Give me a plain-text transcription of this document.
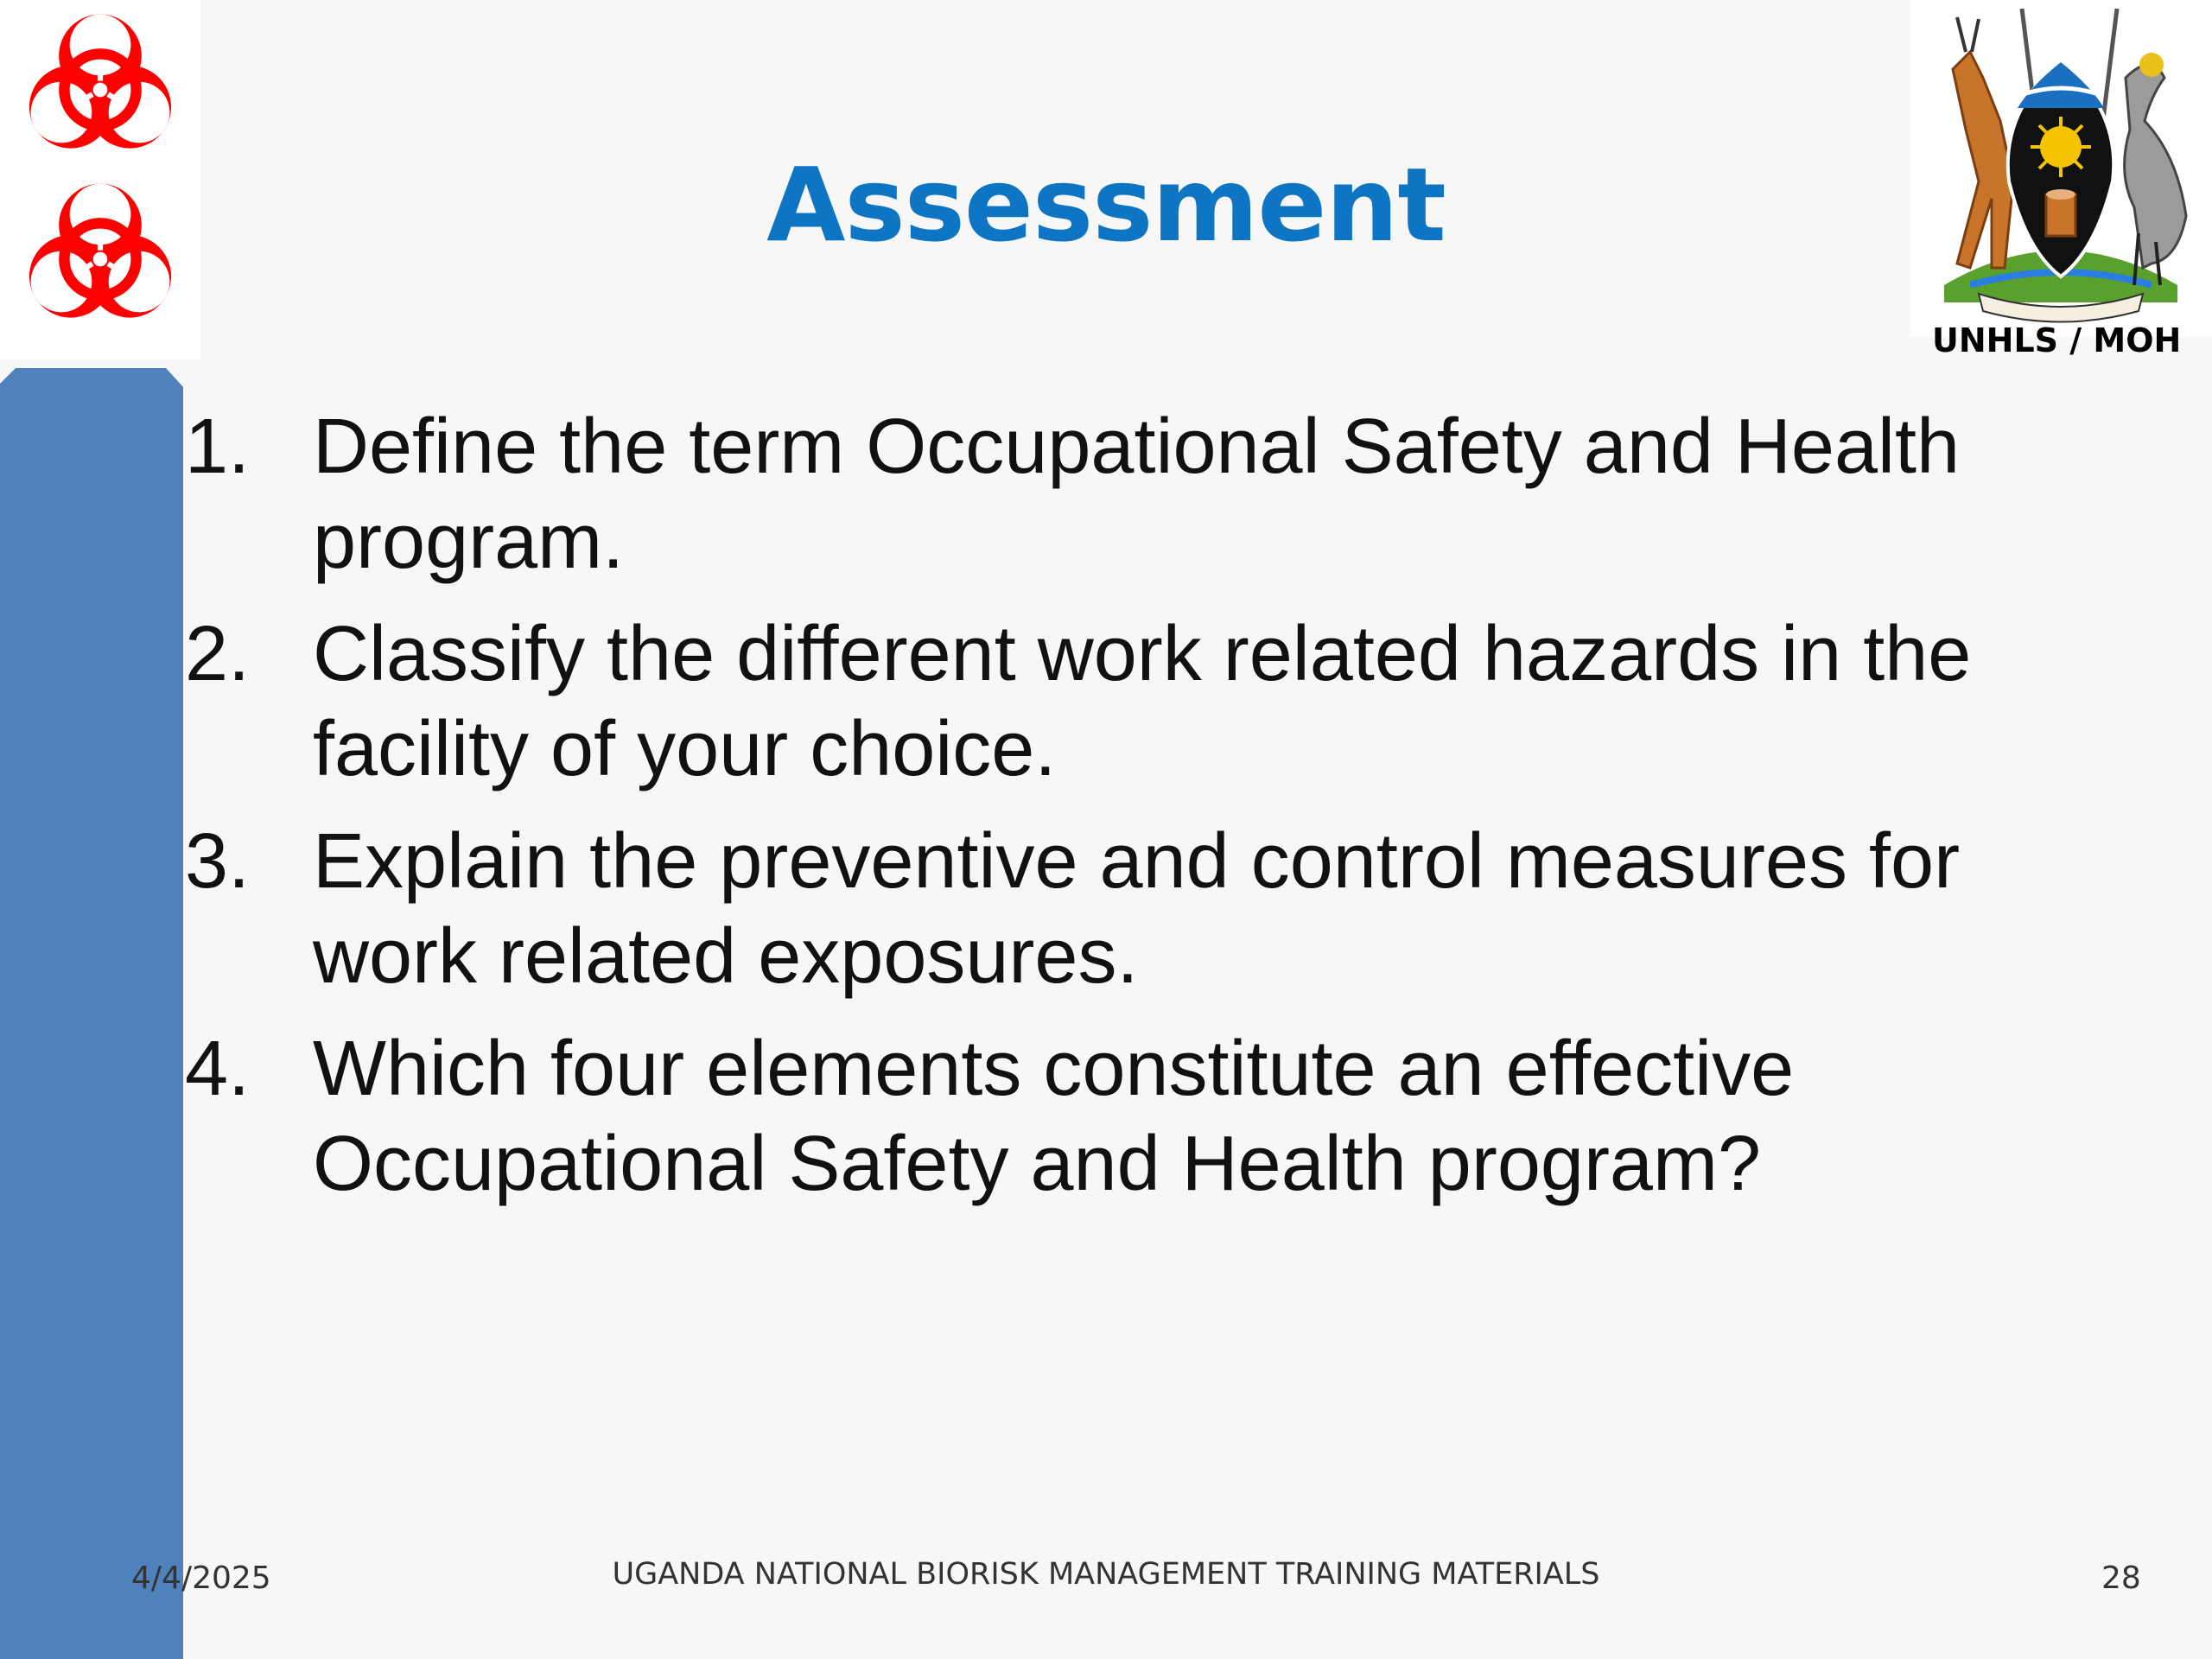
UNHLS / MOH
Assessment
1. Define the term Occupational Safety and Health program.
2. Classify the different work related hazards in the facility of your choice.
3. Explain the preventive and control measures for work related exposures.
4. Which four elements constitute an effective Occupational Safety and Health program?
4/4/2025	UGANDA NATIONAL BIORISK MANAGEMENT TRAINING MATERIALS	28
